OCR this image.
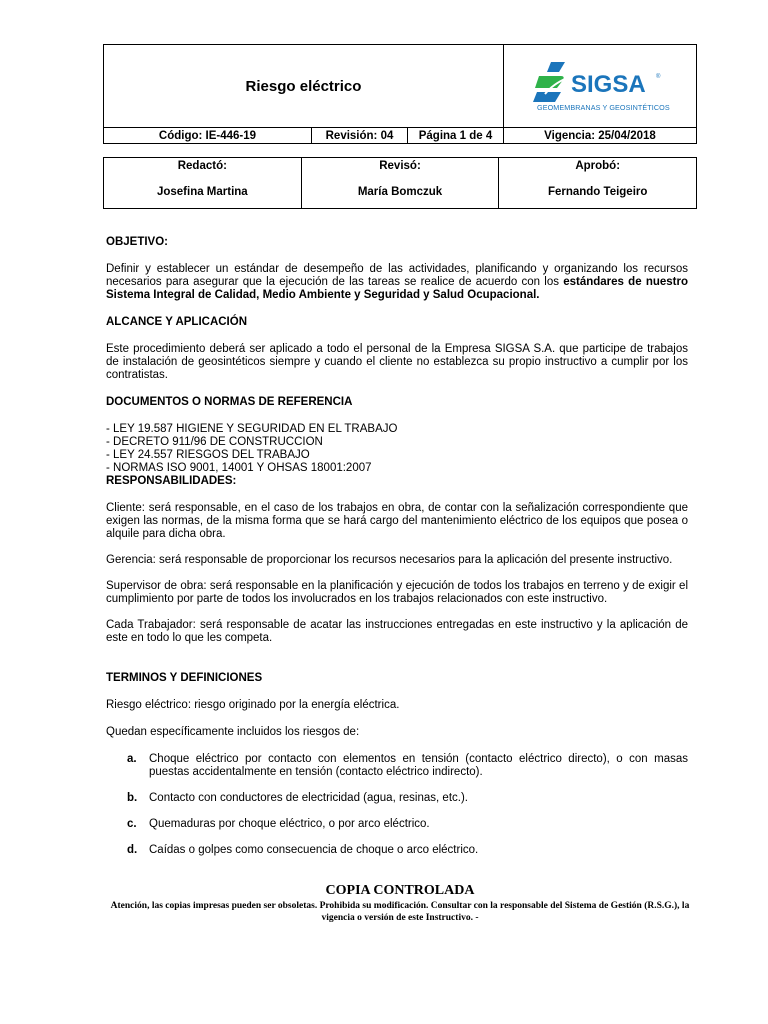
Riesgo eléctrico	SIGSA ®
GEOMEMBRANAS Y GEOSINTÉTICOS
Código: IE-446-19	Revisión: 04	Página 1 de 4	Vigencia: 25/04/2018
Redactó:
Josefina Martina
Revisó:
María Bomczuk
Aprobó:
Fernando Teigeiro

OBJETIVO:

Definir y establecer un estándar de desempeño de las actividades, planificando y organizando los recursos necesarios para asegurar que la ejecución de las tareas se realice de acuerdo con los estándares de nuestro Sistema Integral de Calidad, Medio Ambiente y Seguridad y Salud Ocupacional.

ALCANCE Y APLICACIÓN

Este procedimiento deberá ser aplicado a todo el personal de la Empresa SIGSA S.A. que participe de trabajos de instalación de geosintéticos siempre y cuando el cliente no establezca su propio instructivo a cumplir por los contratistas.

DOCUMENTOS O NORMAS DE REFERENCIA

- LEY 19.587 HIGIENE Y SEGURIDAD EN EL TRABAJO
- DECRETO 911/96 DE CONSTRUCCION
- LEY 24.557 RIESGOS DEL TRABAJO
- NORMAS ISO 9001, 14001 Y OHSAS 18001:2007

RESPONSABILIDADES:

Cliente: será responsable, en el caso de los trabajos en obra, de contar con la señalización correspondiente que exigen las normas, de la misma forma que se hará cargo del mantenimiento eléctrico de los equipos que posea o alquile para dicha obra.

Gerencia: será responsable de proporcionar los recursos necesarios para la aplicación del presente instructivo.

Supervisor de obra: será responsable en la planificación y ejecución de todos los trabajos en terreno y de exigir el cumplimiento por parte de todos los involucrados en los trabajos relacionados con este instructivo.

Cada Trabajador: será responsable de acatar las instrucciones entregadas en este instructivo y la aplicación de este en todo lo que les competa.

TERMINOS Y DEFINICIONES

Riesgo eléctrico: riesgo originado por la energía eléctrica.

Quedan específicamente incluidos los riesgos de:

a.	Choque eléctrico por contacto con elementos en tensión (contacto eléctrico directo), o con masas puestas accidentalmente en tensión (contacto eléctrico indirecto).
b.	Contacto con conductores de electricidad (agua, resinas, etc.).
c.	Quemaduras por choque eléctrico, o por arco eléctrico.
d.	Caídas o golpes como consecuencia de choque o arco eléctrico.
COPIA CONTROLADA
Atención, las copias impresas pueden ser obsoletas. Prohibida su modificación. Consultar con la responsable del Sistema de Gestión (R.S.G.), la vigencia o versión de este Instructivo. -
